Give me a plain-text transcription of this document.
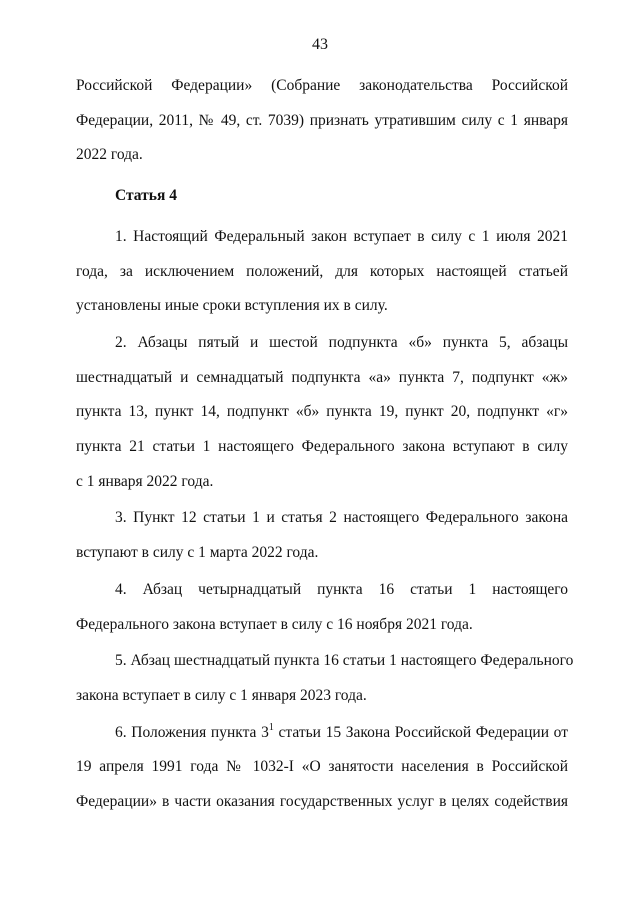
43
Российской Федерации» (Собрание законодательства Российской
Федерации, 2011, № 49, ст. 7039) признать утратившим силу с 1 января
2022 года.
Статья 4
1. Настоящий Федеральный закон вступает в силу с 1 июля 2021
года, за исключением положений, для которых настоящей статьей
установлены иные сроки вступления их в силу.
2. Абзацы пятый и шестой подпункта «б» пункта 5, абзацы
шестнадцатый и семнадцатый подпункта «а» пункта 7, подпункт «ж»
пункта 13, пункт 14, подпункт «б» пункта 19, пункт 20, подпункт «г»
пункта 21 статьи 1 настоящего Федерального закона вступают в силу
с 1 января 2022 года.
3. Пункт 12 статьи 1 и статья 2 настоящего Федерального закона
вступают в силу с 1 марта 2022 года.
4. Абзац четырнадцатый пункта 16 статьи 1 настоящего
Федерального закона вступает в силу с 16 ноября 2021 года.
5. Абзац шестнадцатый пункта 16 статьи 1 настоящего Федерального
закона вступает в силу с 1 января 2023 года.
6. Положения пункта $3^1$ статьи 15 Закона Российской Федерации от
19 апреля 1991 года № 1032-I «О занятости населения в Российской
Федерации» в части оказания государственных услуг в целях содействия
